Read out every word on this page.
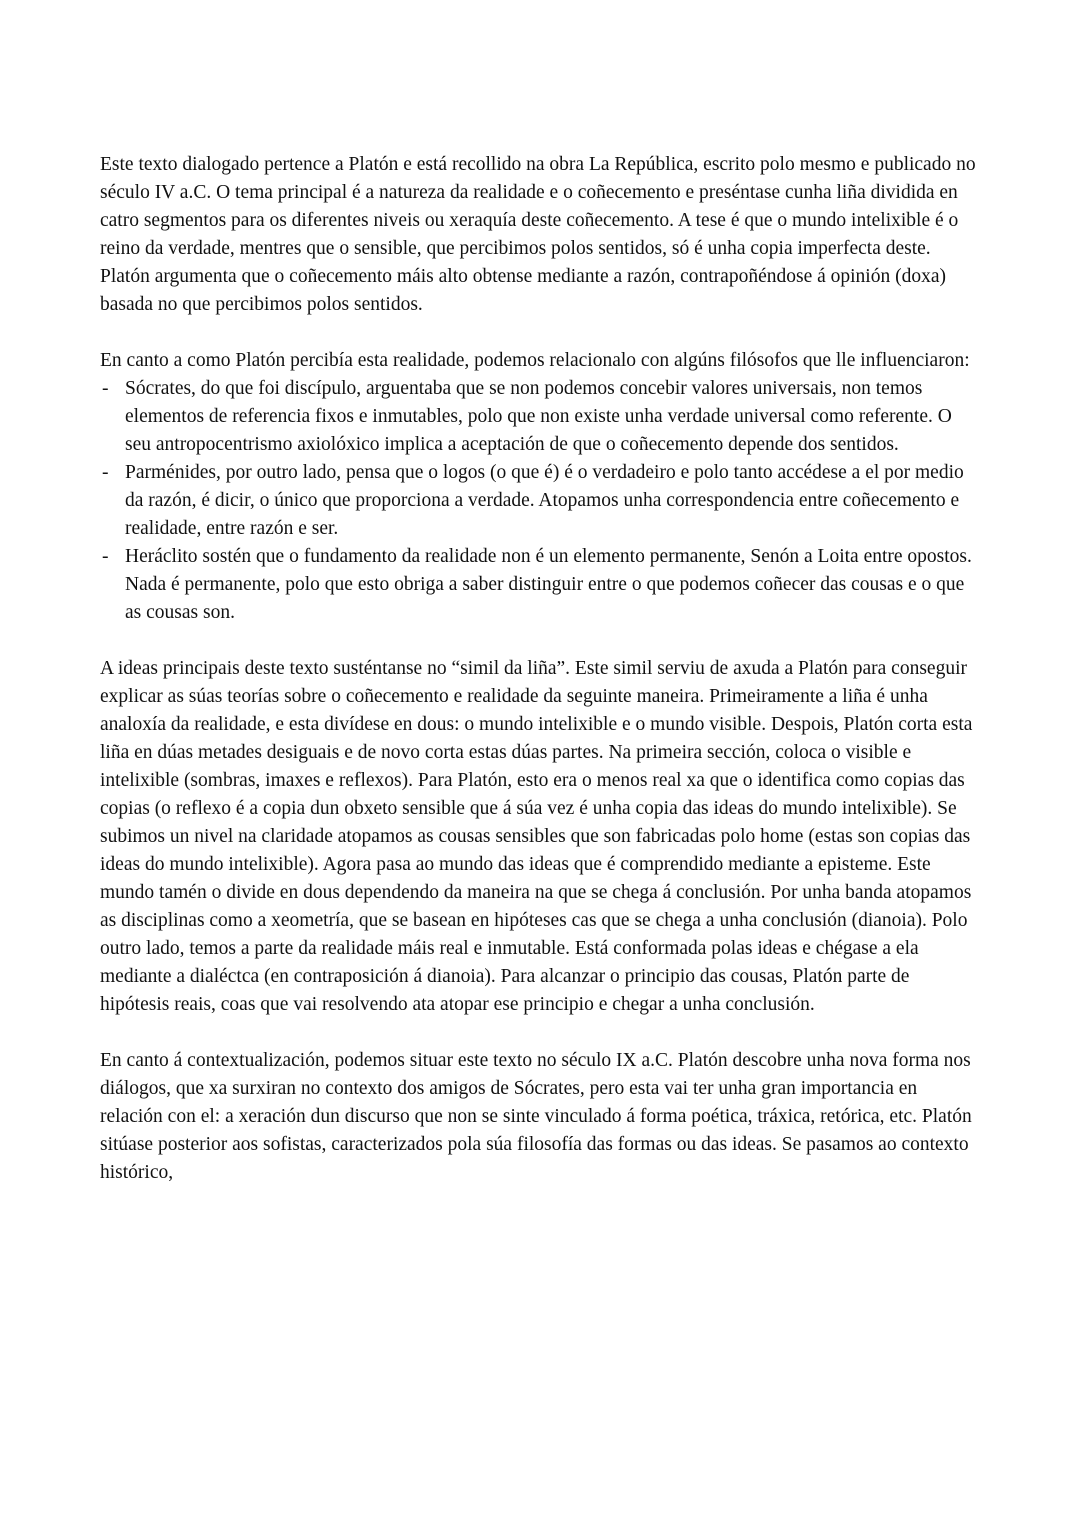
Este texto dialogado pertence a Platón e está recollido na obra La República, escrito polo mesmo e publicado no século IV a.C. O tema principal é a natureza da realidade e o coñecemento e preséntase cunha liña dividida en catro segmentos para os diferentes niveis ou xeraquía deste coñecemento. A tese é que o mundo intelixible é o reino da verdade, mentres que o sensible, que percibimos polos sentidos, só é unha copia imperfecta deste. Platón argumenta que o coñecemento máis alto obtense mediante a razón, contrapoñéndose á opinión (doxa) basada no que percibimos polos sentidos.

En canto a como Platón percibía esta realidade, podemos relacionalo con algúns filósofos que lle influenciaron:

- Sócrates, do que foi discípulo, arguentaba que se non podemos concebir valores universais, non temos elementos de referencia fixos e inmutables, polo que non existe unha verdade universal como referente. O seu antropocentrismo axiolóxico implica a aceptación de que o coñecemento depende dos sentidos.
- Parménides, por outro lado, pensa que o logos (o que é) é o verdadeiro e polo tanto accédese a el por medio da razón, é dicir, o único que proporciona a verdade. Atopamos unha correspondencia entre coñecemento e realidade, entre razón e ser.
- Heráclito sostén que o fundamento da realidade non é un elemento permanente, Senón a Loita entre opostos. Nada é permanente, polo que esto obriga a saber distinguir entre o que podemos coñecer das cousas e o que as cousas son.

A ideas principais deste texto susténtanse no “simil da liña”. Este simil serviu de axuda a Platón para conseguir explicar as súas teorías sobre o coñecemento e realidade da seguinte maneira. Primeiramente a liña é unha analoxía da realidade, e esta divídese en dous: o mundo intelixible e o mundo visible. Despois, Platón corta esta liña en dúas metades desiguais e de novo corta estas dúas partes. Na primeira sección, coloca o visible e intelixible (sombras, imaxes e reflexos). Para Platón, esto era o menos real xa que o identifica como copias das copias (o reflexo é a copia dun obxeto sensible que á súa vez é unha copia das ideas do mundo intelixible). Se subimos un nivel na claridade atopamos as cousas sensibles que son fabricadas polo home (estas son copias das ideas do mundo intelixible). Agora pasa ao mundo das ideas que é comprendido mediante a episteme. Este mundo tamén o divide en dous dependendo da maneira na que se chega á conclusión. Por unha banda atopamos as disciplinas como a xeometría, que se basean en hipóteses cas que se chega a unha conclusión (dianoia). Polo outro lado, temos a parte da realidade máis real e inmutable. Está conformada polas ideas e chégase a ela mediante a dialéctca (en contraposición á dianoia). Para alcanzar o principio das cousas, Platón parte de hipótesis reais, coas que vai resolvendo ata atopar ese principio e chegar a unha conclusión.

En canto á contextualización, podemos situar este texto no século IX a.C. Platón descobre unha nova forma nos diálogos, que xa surxiran no contexto dos amigos de Sócrates, pero esta vai ter unha gran importancia en relación con el: a xeración dun discurso que non se sinte vinculado á forma poética, tráxica, retórica, etc. Platón sitúase posterior aos sofistas, caracterizados pola súa filosofía das formas ou das ideas. Se pasamos ao contexto histórico,
